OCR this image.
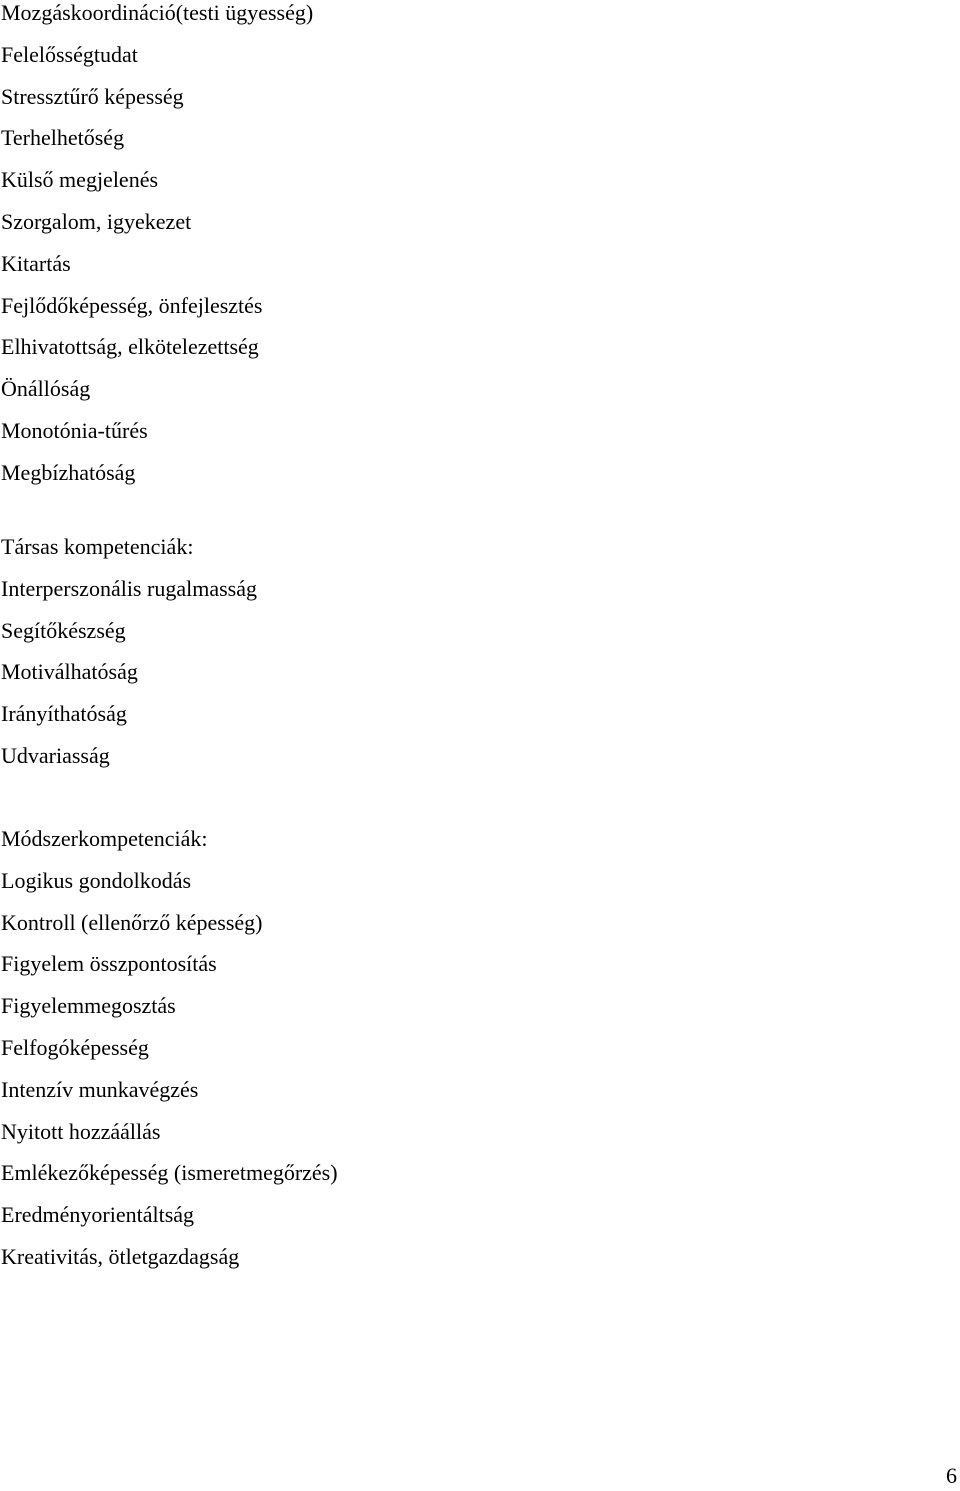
Mozgáskoordináció(testi ügyesség)
Felelősségtudat
Stressztűrő képesség
Terhelhetőség
Külső megjelenés
Szorgalom, igyekezet
Kitartás
Fejlődőképesség, önfejlesztés
Elhivatottság, elkötelezettség
Önállóság
Monotónia-tűrés
Megbízhatóság
Társas kompetenciák:
Interperszonális rugalmasság
Segítőkészség
Motiválhatóság
Irányíthatóság
Udvariasság
Módszerkompetenciák:
Logikus gondolkodás
Kontroll (ellenőrző képesség)
Figyelem összpontosítás
Figyelemmegosztás
Felfogóképesség
Intenzív munkavégzés
Nyitott hozzáállás
Emlékezőképesség (ismeretmegőrzés)
Eredményorientáltság
Kreativitás, ötletgazdagság
6
